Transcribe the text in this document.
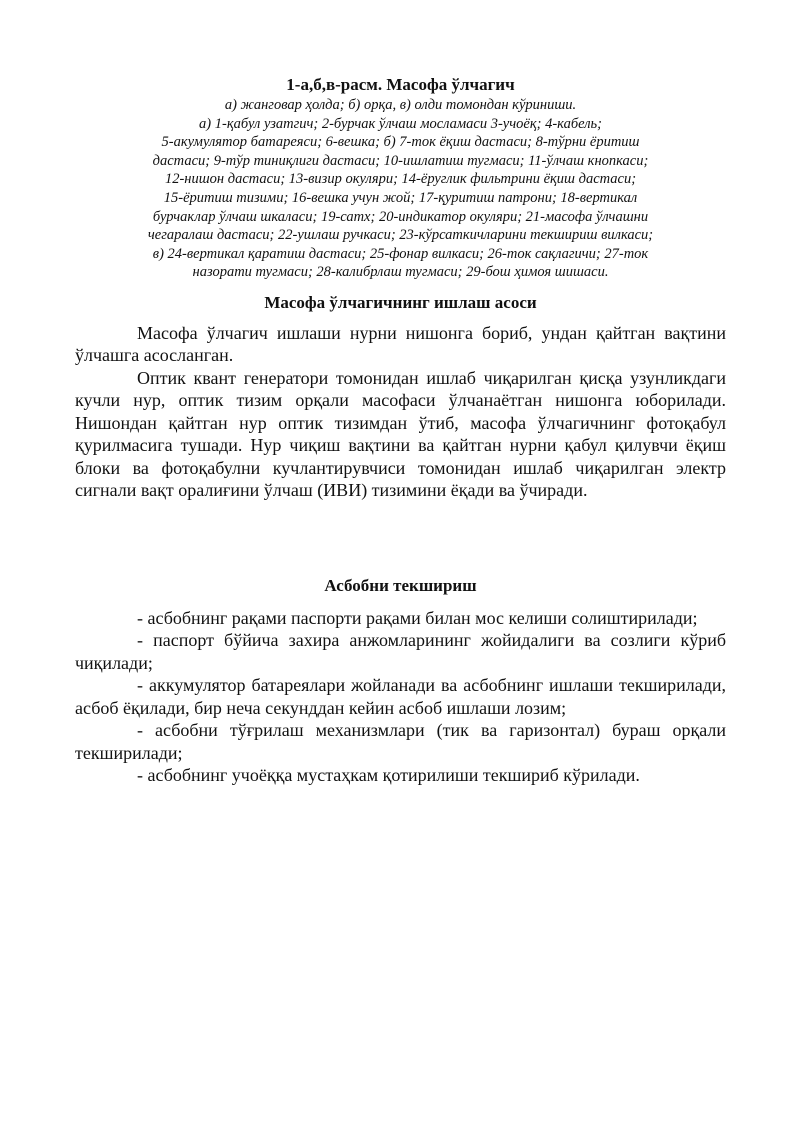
1-а,б,в-расм. Масофа ўлчагич

а) жанговар ҳолда; б) орқа, в) олди томондан кўриниши.
а) 1-қабул узатгич; 2-бурчак ўлчаш мосламаси 3-учоёқ; 4-кабель;
5-акумулятор батареяси; 6-вешка; б) 7-ток ёқиш дастаси; 8-тўрни ёритиш
дастаси; 9-тўр тиниқлиги дастаси; 10-ишлатиш тугмаси; 11-ўлчаш кнопкаси;
12-нишон дастаси; 13-визир окуляри; 14-ёруглик фильтрини ёқиш дастаси;
15-ёритиш тизими; 16-вешка учун жой; 17-қуритиш патрони; 18-вертикал
бурчаклар ўлчаш шкаласи; 19-сатх; 20-индикатор окуляри; 21-масофа ўлчашни
чегаралаш дастаси; 22-ушлаш ручкаси; 23-кўрсаткичларини текшириш вилкаси;
в) 24-вертикал қаратиш дастаси; 25-фонар вилкаси; 26-ток сақлагичи; 27-ток
назорати тугмаси; 28-калибрлаш тугмаси; 29-бош ҳимоя шишаси.

Масофа ўлчагичнинг ишлаш асоси

Масофа ўлчагич ишлаши нурни нишонга бориб, ундан қайтган вақтини ўлчашга асосланган.

Оптик квант генератори томонидан ишлаб чиқарилган қисқа узунликдаги кучли нур, оптик тизим орқали масофаси ўлчанаётган нишонга юборилади. Нишондан қайтган нур оптик тизимдан ўтиб, масофа ўлчагичнинг фотоқабул қурилмасига тушади. Нур чиқиш вақтини ва қайтган нурни қабул қилувчи ёқиш блоки ва фотоқабулни кучлантирувчиси томонидан ишлаб чиқарилган электр сигнали вақт оралиғини ўлчаш (ИВИ) тизимини ёқади ва ўчиради.

Асбобни текшириш

- асбобнинг рақами паспорти рақами билан мос келиши солиштирилади;

- паспорт бўйича захира анжомларининг жойидалиги ва созлиги кўриб чиқилади;

- аккумулятор батареялари жойланади ва асбобнинг ишлаши текширилади, асбоб ёқилади, бир неча секунддан кейин асбоб ишлаши лозим;

- асбобни тўғрилаш механизмлари (тик ва гаризонтал) бураш орқали текширилади;

- асбобнинг учоёққа мустаҳкам қотирилиши текшириб кўрилади.
